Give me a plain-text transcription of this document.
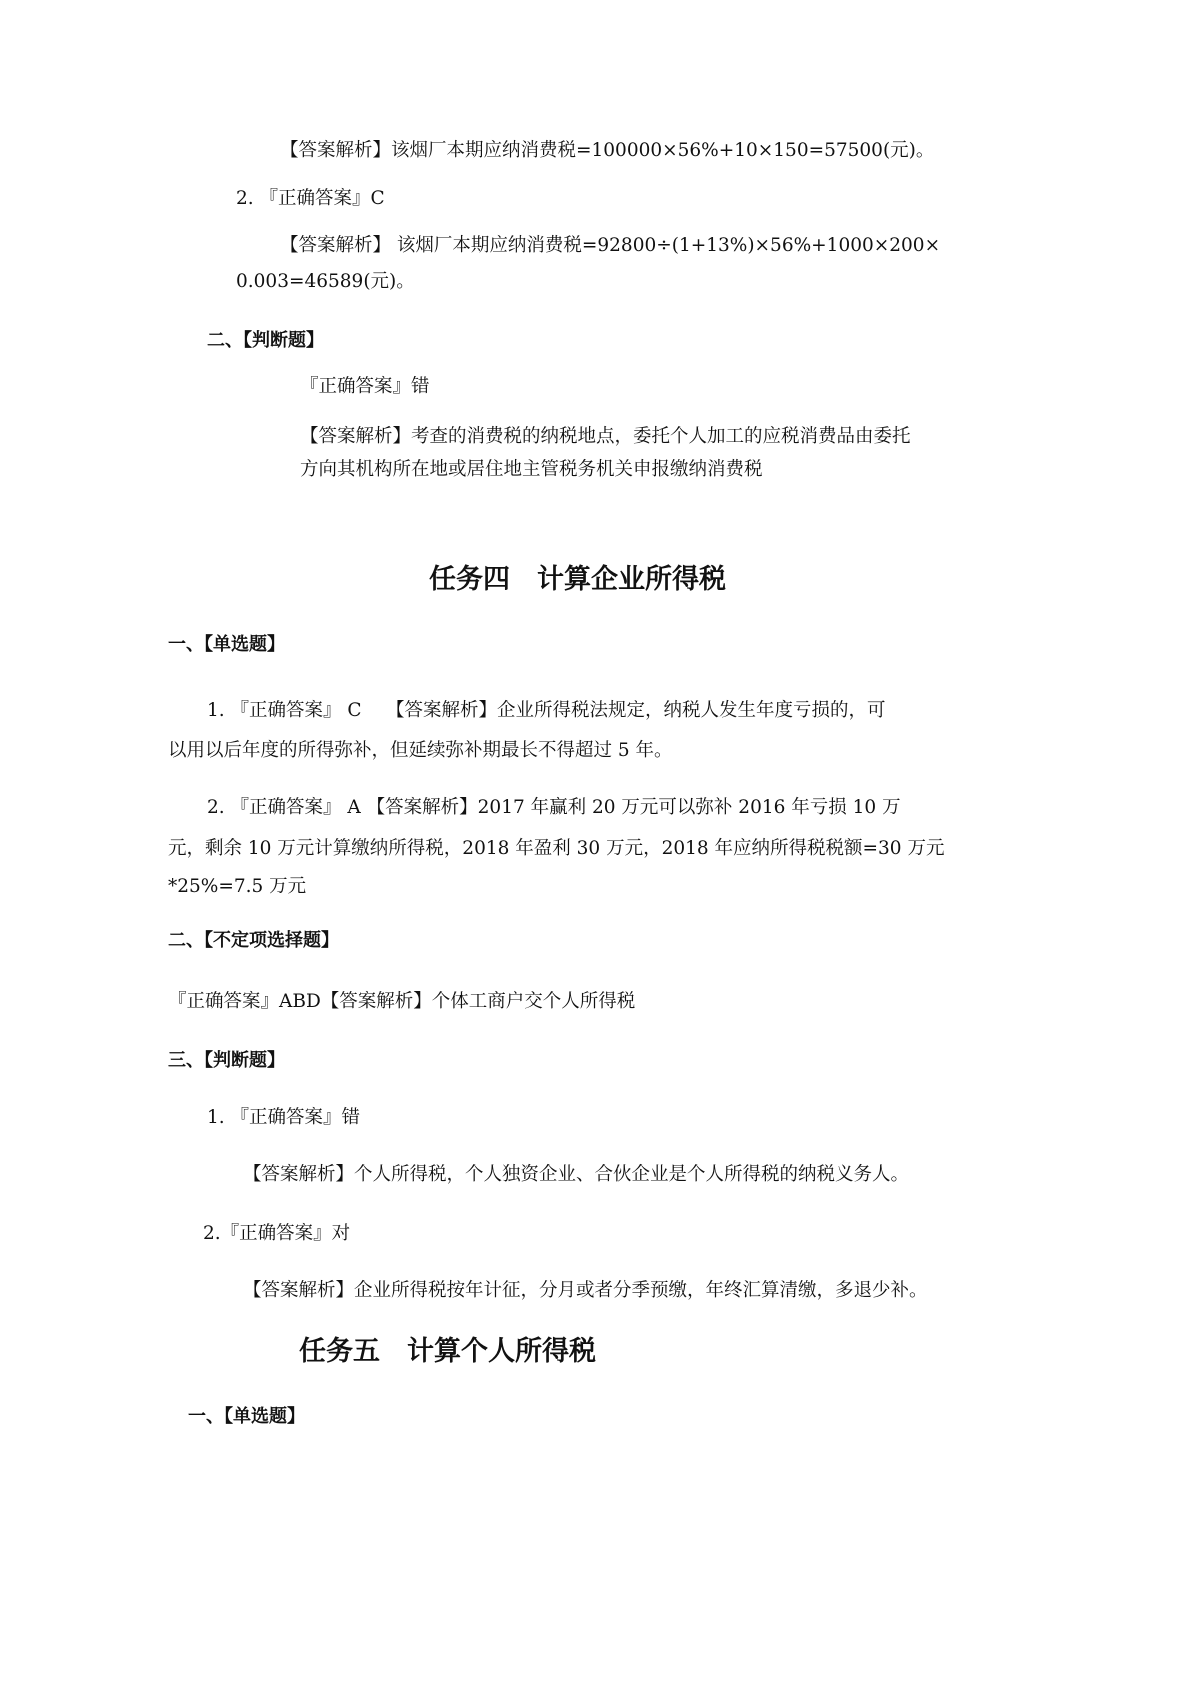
【答案解析】该烟厂本期应纳消费税=100000×56%+10×150=57500(元)。
2. 『正确答案』C
【答案解析】 该烟厂本期应纳消费税=92800÷(1+13%)×56%+1000×200×
0.003=46589(元)。
二、【判断题】
『正确答案』错
【答案解析】考查的消费税的纳税地点，委托个人加工的应税消费品由委托
方向其机构所在地或居住地主管税务机关申报缴纳消费税
任务四　计算企业所得税
一、【单选题】
1. 『正确答案』 C　 【答案解析】企业所得税法规定，纳税人发生年度亏损的，可
以用以后年度的所得弥补，但延续弥补期最长不得超过 5 年。
2. 『正确答案』 A 【答案解析】2017 年赢利 20 万元可以弥补 2016 年亏损 10 万
元，剩余 10 万元计算缴纳所得税，2018 年盈利 30 万元，2018 年应纳所得税税额=30 万元
*25%=7.5 万元
二、【不定项选择题】
『正确答案』ABD【答案解析】个体工商户交个人所得税
三、【判断题】
1. 『正确答案』错
【答案解析】个人所得税，个人独资企业、合伙企业是个人所得税的纳税义务人。
2.『正确答案』对
【答案解析】企业所得税按年计征，分月或者分季预缴，年终汇算清缴，多退少补。
任务五　计算个人所得税
一、【单选题】
